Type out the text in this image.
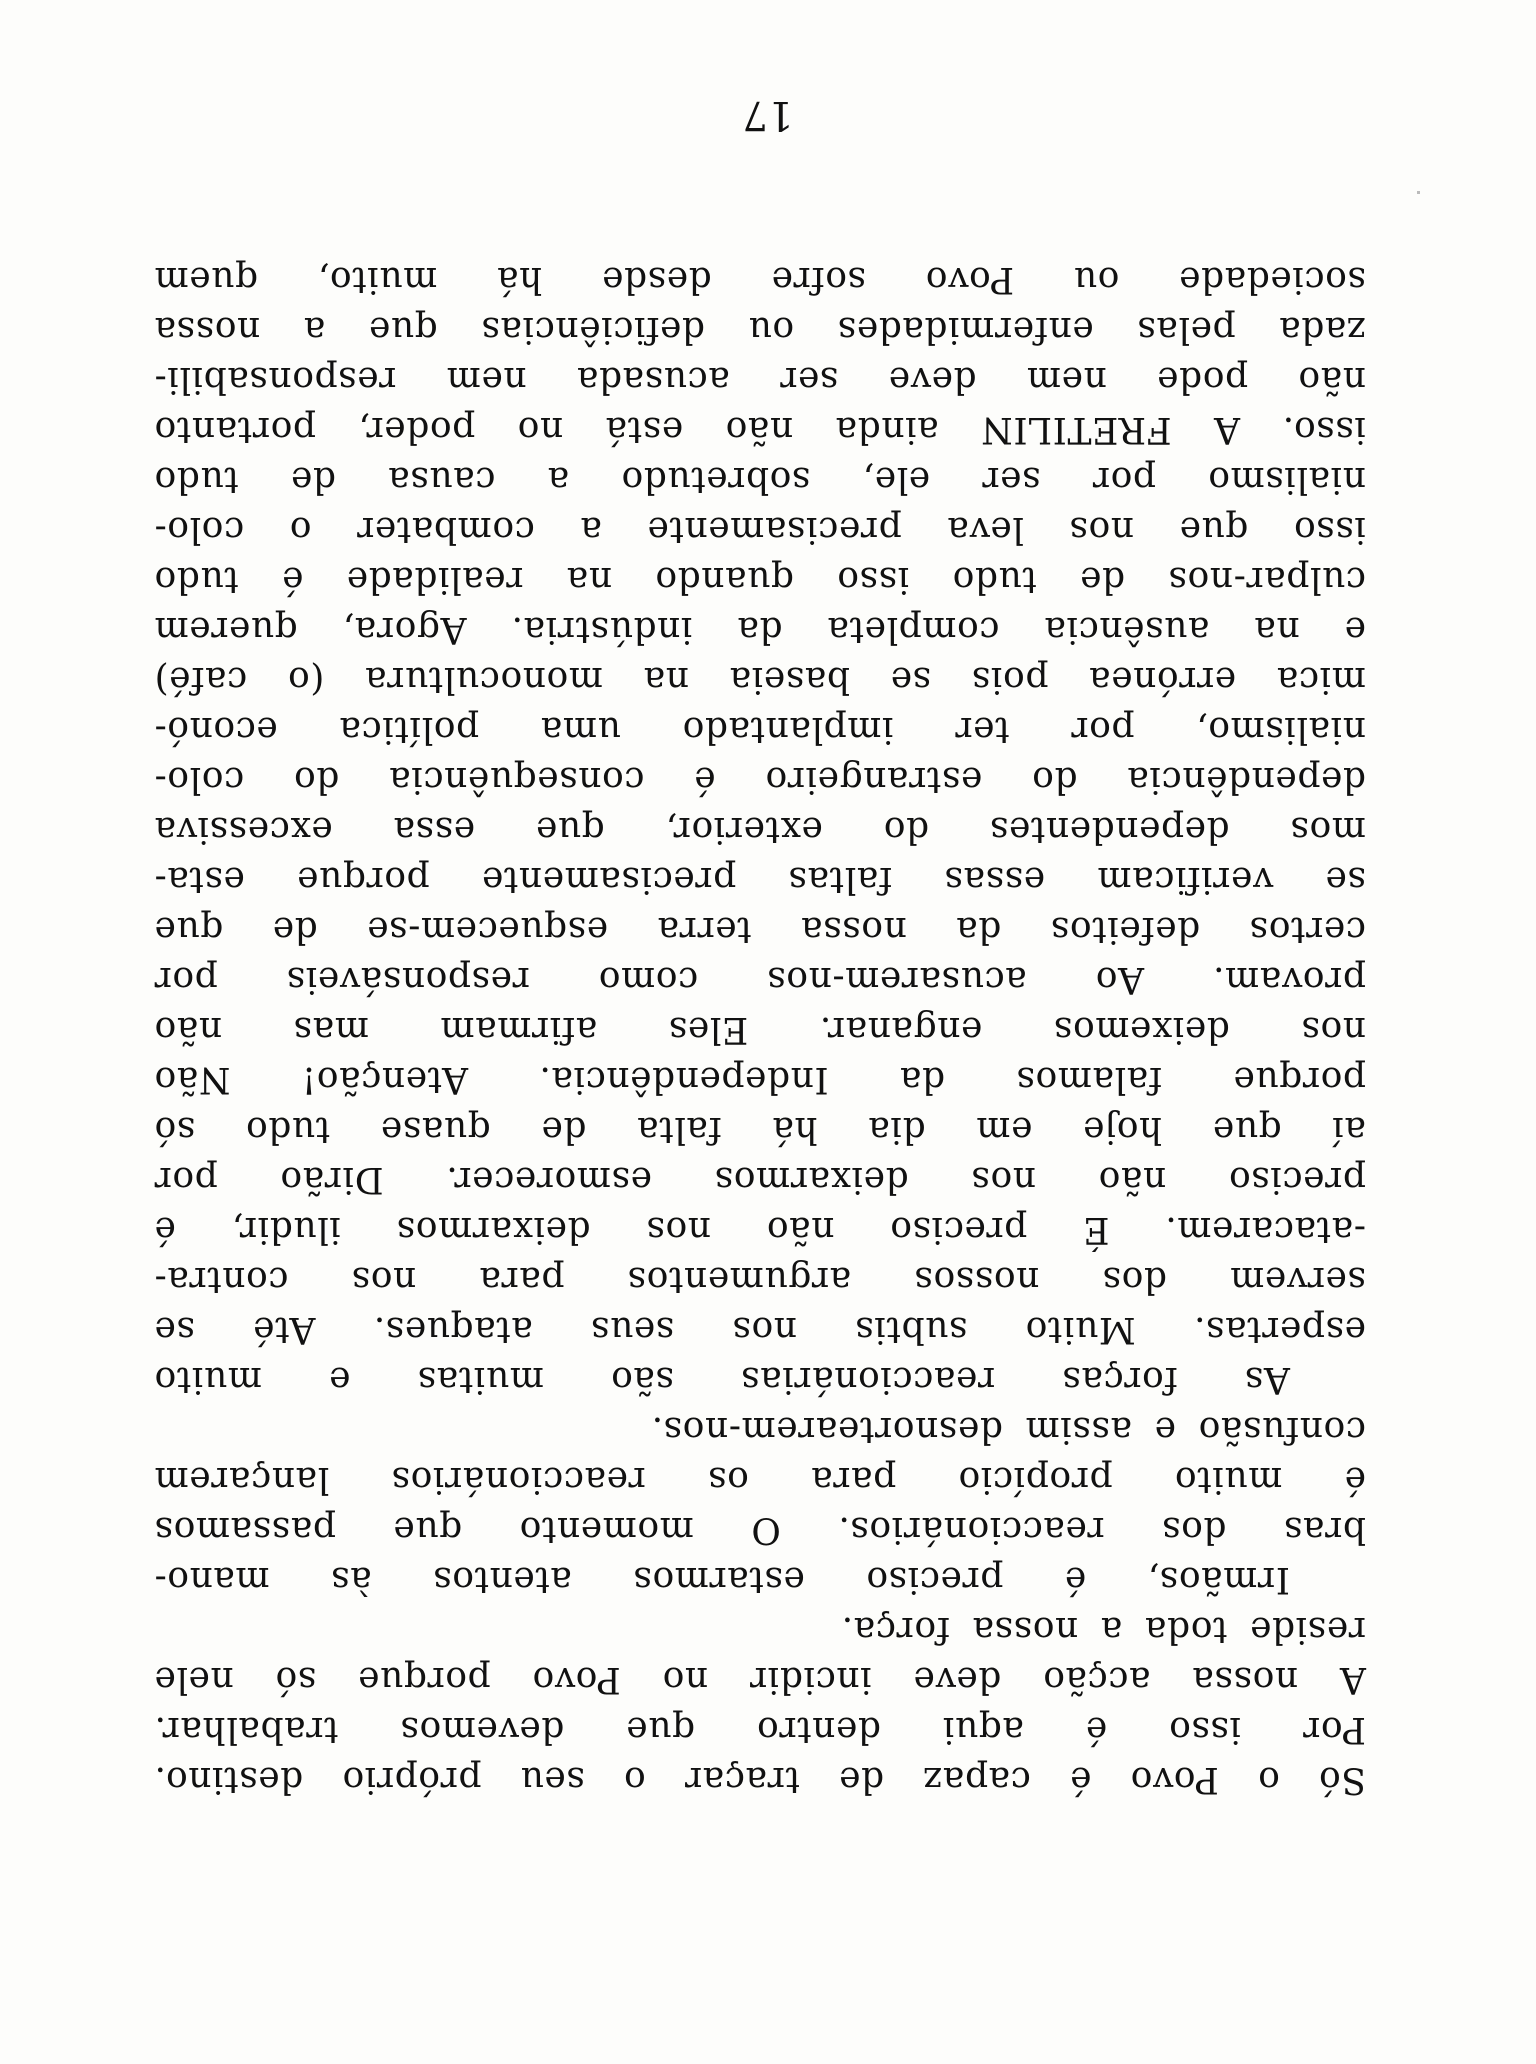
Só o Povo é capaz de traçar o seu próprio destino.
Por isso é aqui dentro que devemos trabalhar.
A nossa acção deve incidir no Povo porque só nele
reside toda a nossa força.
Irmãos, é preciso estarmos atentos às mano-
bras dos reaccionários. O momento que passamos
é muito propício para os reaccionários lançarem
confusão e assim desnortearem-nos.
As forças reaccionárias são muitas e muito
espertas. Muito subtis nos seus ataques. Até se
servem dos nossos argumentos para nos contra-
-atacarem. É preciso não nos deixarmos iludir, é
preciso não nos deixarmos esmorecer. Dirão por
aí que hoje em dia há falta de quase tudo só
porque falamos da Independência. Atenção! Não
nos deixemos enganar. Eles afirmam mas não
provam. Ao acusarem-nos como responsáveis por
certos defeitos da nossa terra esquecem-se de que
se verificam essas faltas precisamente porque esta-
mos dependentes do exterior, que essa excessiva
dependência do estrangeiro é consequência do colo-
nialismo, por ter implantado uma política econó-
mica errónea pois se baseia na monocultura (o café)
e na ausência completa da indústria. Agora, querem
culpar-nos de tudo isso quando na realidade é tudo
isso que nos leva precisamente a combater o colo-
nialismo por ser ele, sobretudo a causa de tudo
isso. A FRETILIN ainda não está no poder, portanto
não pode nem deve ser acusada nem responsabili-
zada pelas enfermidades ou deficiências que a nossa
sociedade ou Povo sofre desde há muito, quem
17
